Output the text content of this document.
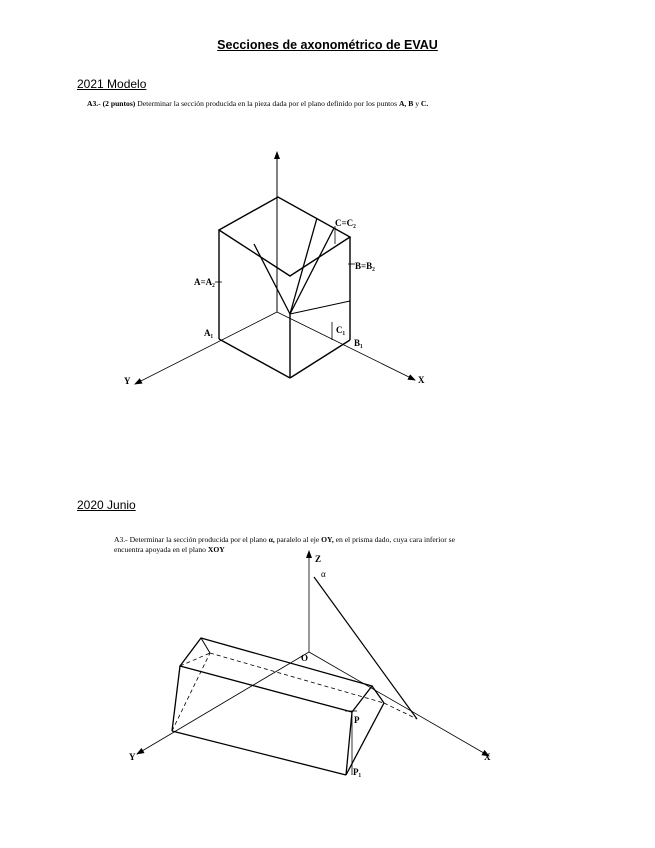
Secciones de axonométrico de EVAU
2021 Modelo
A3.- (2 puntos) Determinar la sección producida en la pieza dada por el plano definido por los puntos A, B y C.
C=C₂
B=B₂
A=A₂
C₁
A₁
B₁
X
Y
Z
α
O
P
P₁
X
Y
2020 Junio
A3.- Determinar la sección producida por el plano α, paralelo al eje OY, en el prisma dado, cuya cara inferior se
encuentra apoyada en el plano XOY
